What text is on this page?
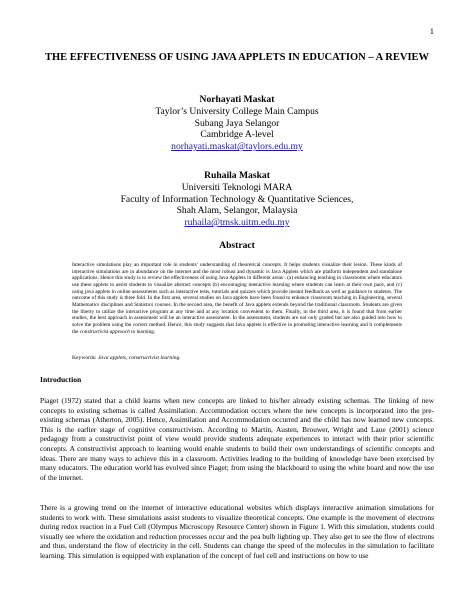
1
THE EFFECTIVENESS OF USING JAVA APPLETS IN EDUCATION – A REVIEW
Norhayati Maskat
Taylor’s University College Main Campus
Subang Jaya Selangor
Cambridge A-level
norhayati.maskat@taylors.edu.my
Ruhaila Maskat
Universiti Teknologi MARA
Faculty of Information Technology & Quantitative Sciences,
Shah Alam, Selangor, Malaysia
ruhaila@tmsk.uitm.edu.my
Abstract
Interactive simulations play an important role in students’ understanding of theoretical concepts. It helps students visualize their lesion. These kinds of interactive simulations are in abundance on the internet and the most robust and dynamic is Java Applets which are platform independent and standalone applications. Hence this study is to review the effectiveness of using Java Applets in different areas : (a) enhancing teaching in classrooms where educators use these applets to assist students to visualize abstract concepts (b) encouraging interactive learning where students can learn at their own pace, and (c) using java applets in online assessments such as interactive tests, tutorials and quizzes which provide instant feedback as well as guidance to students. The outcome of this study is three fold. In the first area, several studies on Java applets have been found to enhance classroom teaching in Engineering, several Mathematics disciplines and Statistics courses. In the second area, the benefit of Java applets extends beyond the traditional classroom. Students are given the liberty to utilize the interactive program at any time and at any location convenient to them. Finally, in the third area, it is found that from earlier studies, the best approach in assessment will be an interactive assessment. In the assessment, students are not only graded but are also guided into how to solve the problem using the correct method. Hence, this study suggests that Java applets is effective in promoting interactive learning and it complements the constructivist approach to learning.
Keywords: Java applets, constructivist learning.
Introduction
Piaget (1972) stated that a child learns when new concepts are linked to his/her already existing schemas. The linking of new concepts to existing schemas is called Assimilation. Accommodation occurs where the new concepts is incorporated into the pre-existing schemas (Atherton, 2005). Hence, Assimilation and Accommodation occurred and the child has now learned new concepts. This is the earlier stage of cognitive constructivism. According to Martin, Austen, Brouwer, Wright and Laue (2001) science pedagogy from a constructivist point of view would provide students adequate experiences to interact with their prior scientific concepts. A constructivist approach to learning would enable students to build their own understandings of scientific concepts and ideas. There are many ways to achieve this in a classroom. Activities leading to the building of knowledge have been exercised by many educators. The education world has evolved since Piaget; from using the blackboard to using the white board and now the use of the internet.
There is a growing trend on the internet of interactive educational websites which displays interactive animation simulations for students to work with. These simulations assist students to visualize theoretical concepts. One example is the movement of electrons during redox reaction in a Fuel Cell (Olympus Microscopy Resource Center) shown in Figure 1. With this simulation, students could visually see where the oxidation and reduction processes occur and the pea bulb lighting up. They also get to see the flow of electrons and thus, understand the flow of electricity in the cell. Students can change the speed of the molecules in the simulation to facilitate learning. This simulation is equipped with explanation of the concept of fuel cell and instructions on how to use
